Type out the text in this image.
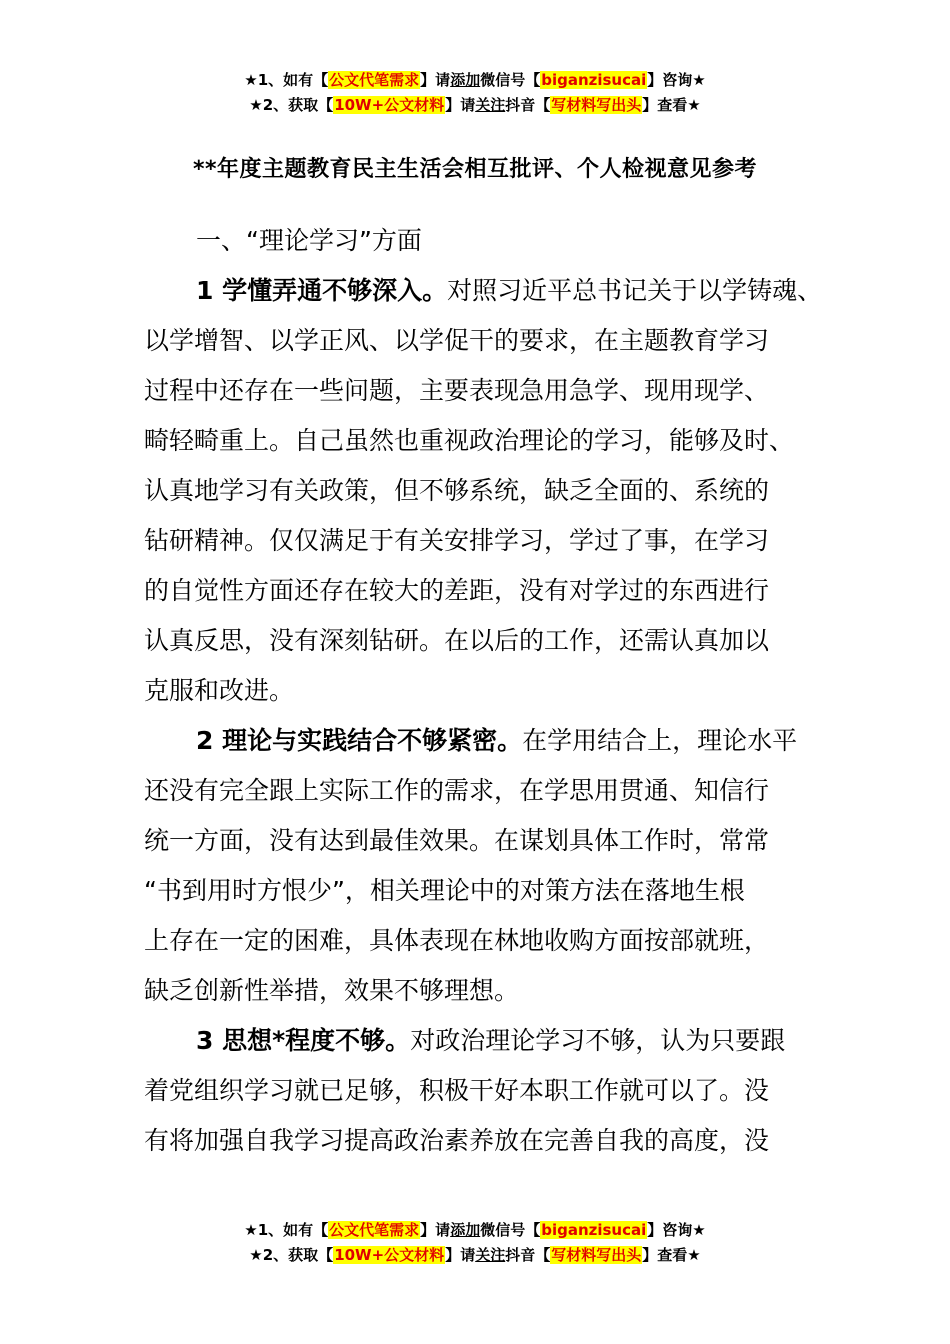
★1、如有【公文代笔需求】请添加微信号【biganzisucai】咨询★
★2、获取【10W+公文材料】请关注抖音【写材料写出头】查看★
**年度主题教育民主生活会相互批评、个人检视意见参考
一、“理论学习”方面
1 学懂弄通不够深入。对照习近平总书记关于以学铸魂、
以学增智、以学正风、以学促干的要求，在主题教育学习
过程中还存在一些问题，主要表现急用急学、现用现学、
畸轻畸重上。自己虽然也重视政治理论的学习，能够及时、
认真地学习有关政策，但不够系统，缺乏全面的、系统的
钻研精神。仅仅满足于有关安排学习，学过了事，在学习
的自觉性方面还存在较大的差距，没有对学过的东西进行
认真反思，没有深刻钻研。在以后的工作，还需认真加以
克服和改进。
2 理论与实践结合不够紧密。在学用结合上，理论水平
还没有完全跟上实际工作的需求，在学思用贯通、知信行
统一方面，没有达到最佳效果。在谋划具体工作时，常常
“书到用时方恨少”，相关理论中的对策方法在落地生根
上存在一定的困难，具体表现在林地收购方面按部就班，
缺乏创新性举措，效果不够理想。
3 思想*程度不够。对政治理论学习不够，认为只要跟
着党组织学习就已足够，积极干好本职工作就可以了。没
有将加强自我学习提高政治素养放在完善自我的高度，没
★1、如有【公文代笔需求】请添加微信号【biganzisucai】咨询★
★2、获取【10W+公文材料】请关注抖音【写材料写出头】查看★
